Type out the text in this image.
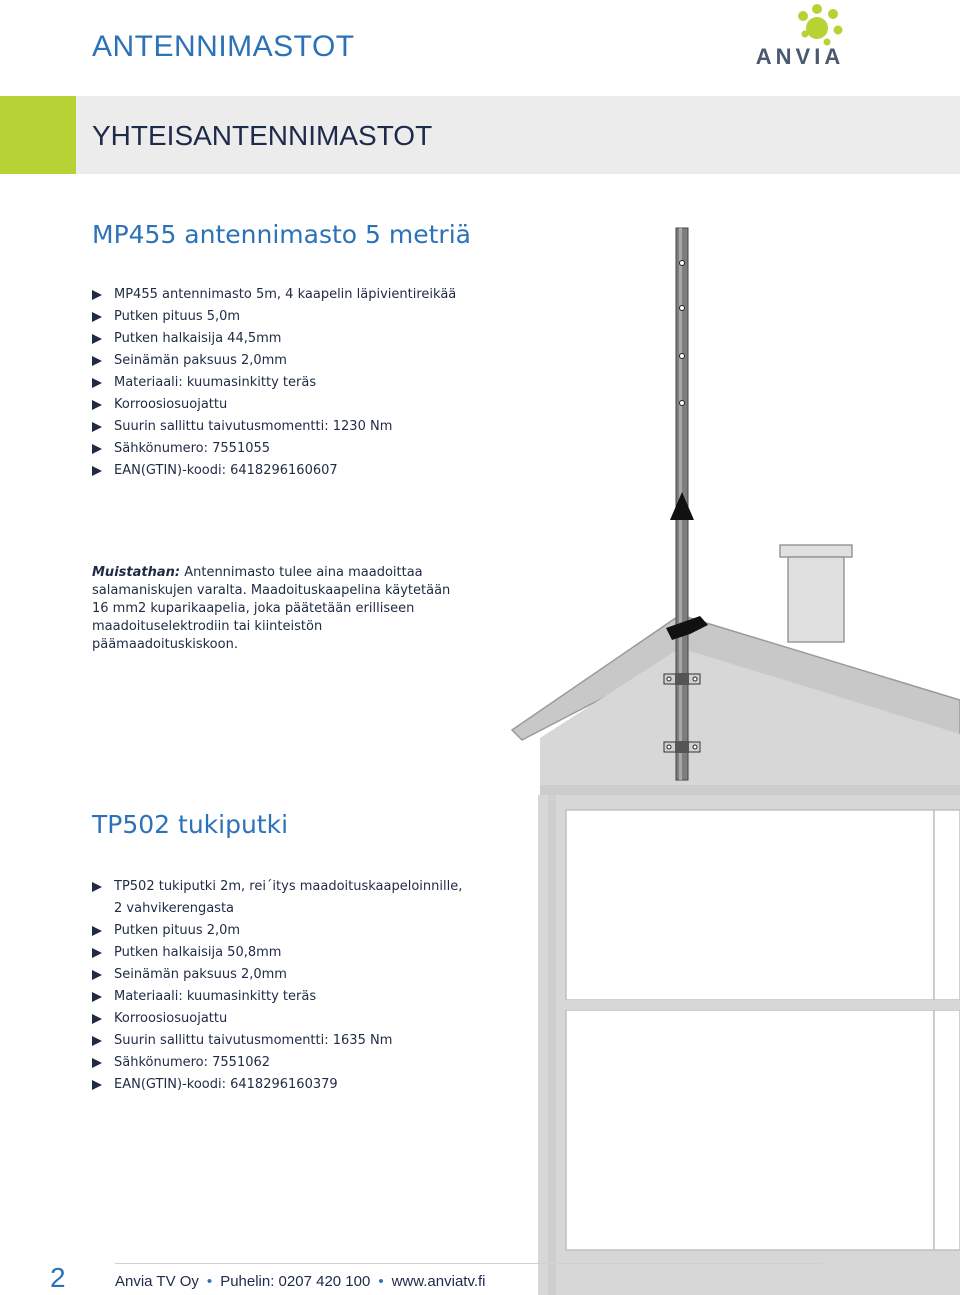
ANTENNIMASTOT	ANVIA
YHTEISANTENNIMASTOT
MP455 antennimasto 5 metriä
MP455 antennimasto 5m, 4 kaapelin läpivientireikää
Putken pituus 5,0m
Putken halkaisija 44,5mm
Seinämän paksuus 2,0mm
Materiaali: kuumasinkitty teräs
Korroosiosuojattu
Suurin sallittu taivutusmomentti: 1230 Nm
Sähkönumero: 7551055
EAN(GTIN)-koodi: 6418296160607

Muistathan: Antennimasto tulee aina maadoittaa salamaniskujen varalta. Maadoituskaapelina käytetään 16 mm2 kuparikaapelia, joka päätetään erilliseen maadoituselektrodiin tai kiinteistön päämaadoituskiskoon.

TP502 tukiputki
TP502 tukiputki 2m, rei´itys maadoituskaapeloinnille, 2 vahvikerengasta
Putken pituus 2,0m
Putken halkaisija 50,8mm
Seinämän paksuus 2,0mm
Materiaali: kuumasinkitty teräs
Korroosiosuojattu
Suurin sallittu taivutusmomentti: 1635 Nm
Sähkönumero: 7551062
EAN(GTIN)-koodi: 6418296160379
2	Anvia TV Oy • Puhelin: 0207 420 100 • www.anviatv.fi
